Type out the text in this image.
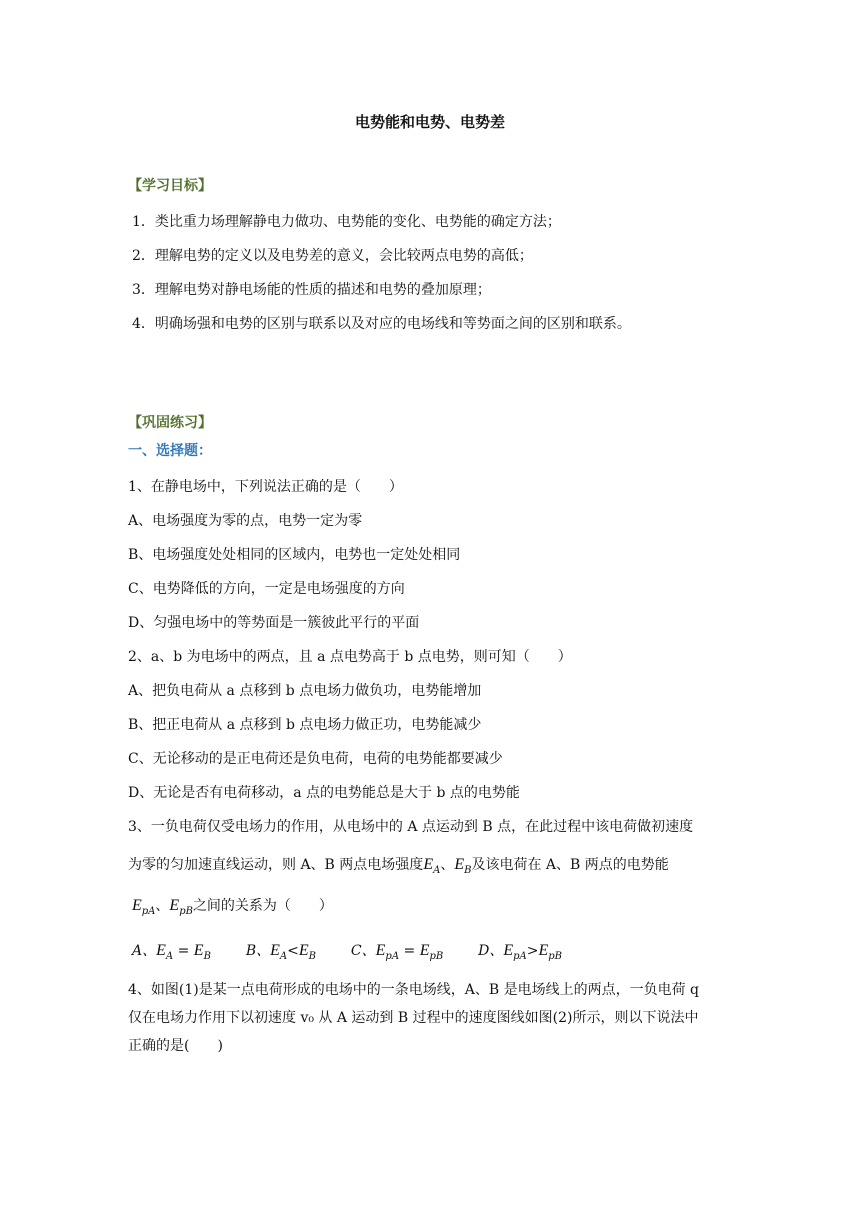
电势能和电势、电势差
【学习目标】
1．类比重力场理解静电力做功、电势能的变化、电势能的确定方法；
2．理解电势的定义以及电势差的意义，会比较两点电势的高低；
3．理解电势对静电场能的性质的描述和电势的叠加原理；
4．明确场强和电势的区别与联系以及对应的电场线和等势面之间的区别和联系。
【巩固练习】
一、选择题：
1、在静电场中，下列说法正确的是（　　）
A、电场强度为零的点，电势一定为零
B、电场强度处处相同的区域内，电势也一定处处相同
C、电势降低的方向，一定是电场强度的方向
D、匀强电场中的等势面是一簇彼此平行的平面
2、a、b 为电场中的两点，且 a 点电势高于 b 点电势，则可知（　　）
A、把负电荷从 a 点移到 b 点电场力做负功，电势能增加
B、把正电荷从 a 点移到 b 点电场力做正功，电势能减少
C、无论移动的是正电荷还是负电荷，电荷的电势能都要减少
D、无论是否有电荷移动，a 点的电势能总是大于 b 点的电势能
3、一负电荷仅受电场力的作用，从电场中的 A 点运动到 B 点，在此过程中该电荷做初速度
为零的匀加速直线运动，则 A、B 两点电场强度$E_A$、$E_B$及该电荷在 A、B 两点的电势能
$E_{pA}$、$E_{pB}$之间的关系为（　　）
A、$E_A = E_B$ B、$E_A<E_B$ C、$E_{pA} = E_{pB}$ D、$E_{pA}>E_{pB}$
4、如图(1)是某一点电荷形成的电场中的一条电场线，A、B 是电场线上的两点，一负电荷 q
仅在电场力作用下以初速度 v₀ 从 A 运动到 B 过程中的速度图线如图(2)所示，则以下说法中
正确的是(　　)
